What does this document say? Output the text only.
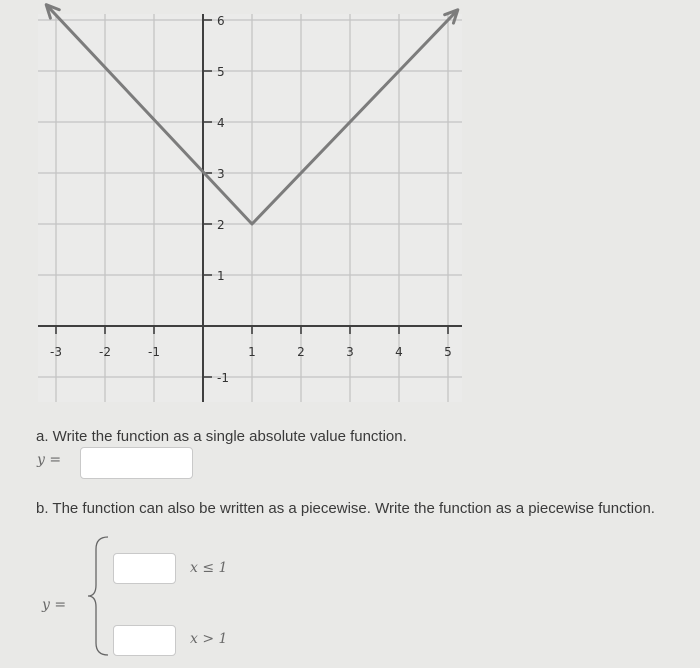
-3	-2	-1	1	2	3	4	5
-1
1
2
3
4
5
6
a. Write the function as a single absolute value function.
y =
b. The function can also be written as a piecewise. Write the function as a piecewise function.
y =
x ≤ 1
x > 1
